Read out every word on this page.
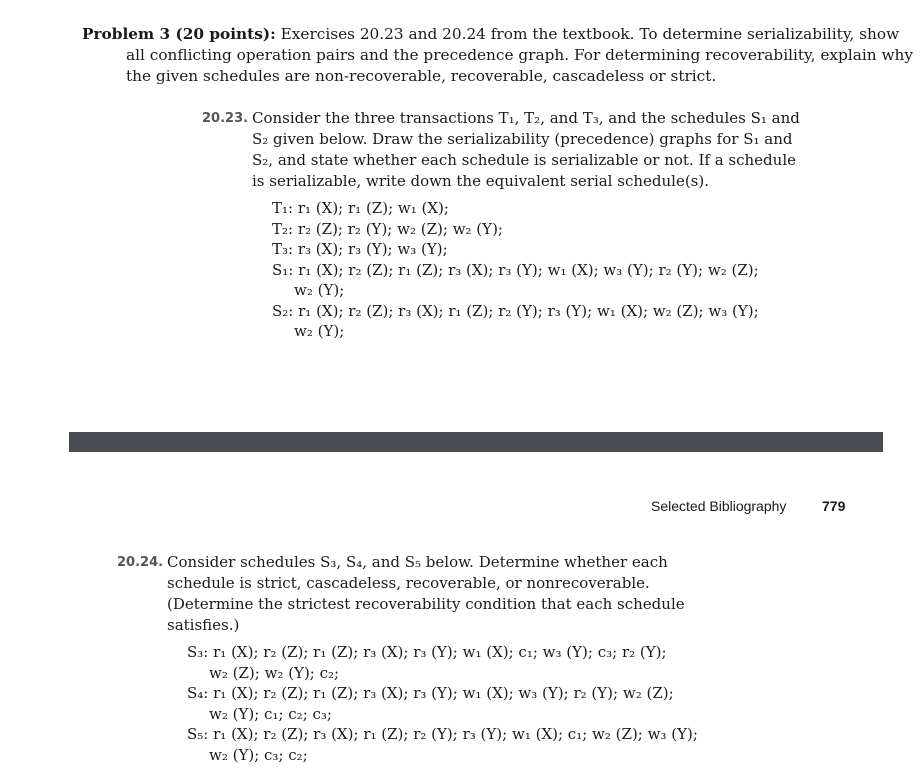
Problem 3 (20 points): Exercises 20.23 and 20.24 from the textbook. To determine serializability, show all conflicting operation pairs and the precedence graph. For determining recoverability, explain why the given schedules are non-recoverable, recoverable, cascadeless or strict.
20.23. Consider the three transactions T₁, T₂, and T₃, and the schedules S₁ and S₂ given below. Draw the serializability (precedence) graphs for S₁ and S₂, and state whether each schedule is serializable or not. If a schedule is serializable, write down the equivalent serial schedule(s).
T₁: r₁ (X); r₁ (Z); w₁ (X);
T₂: r₂ (Z); r₂ (Y); w₂ (Z); w₂ (Y);
T₃: r₃ (X); r₃ (Y); w₃ (Y);
S₁: r₁ (X); r₂ (Z); r₁ (Z); r₃ (X); r₃ (Y); w₁ (X); w₃ (Y); r₂ (Y); w₂ (Z);
w₂ (Y);
S₂: r₁ (X); r₂ (Z); r₃ (X); r₁ (Z); r₂ (Y); r₃ (Y); w₁ (X); w₂ (Z); w₃ (Y);
w₂ (Y);
Selected Bibliography	779
20.24. Consider schedules S₃, S₄, and S₅ below. Determine whether each schedule is strict, cascadeless, recoverable, or nonrecoverable. (Determine the strictest recoverability condition that each schedule satisfies.)
S₃: r₁ (X); r₂ (Z); r₁ (Z); r₃ (X); r₃ (Y); w₁ (X); c₁; w₃ (Y); c₃; r₂ (Y);
w₂ (Z); w₂ (Y); c₂;
S₄: r₁ (X); r₂ (Z); r₁ (Z); r₃ (X); r₃ (Y); w₁ (X); w₃ (Y); r₂ (Y); w₂ (Z);
w₂ (Y); c₁; c₂; c₃;
S₅: r₁ (X); r₂ (Z); r₃ (X); r₁ (Z); r₂ (Y); r₃ (Y); w₁ (X); c₁; w₂ (Z); w₃ (Y);
w₂ (Y); c₃; c₂;
